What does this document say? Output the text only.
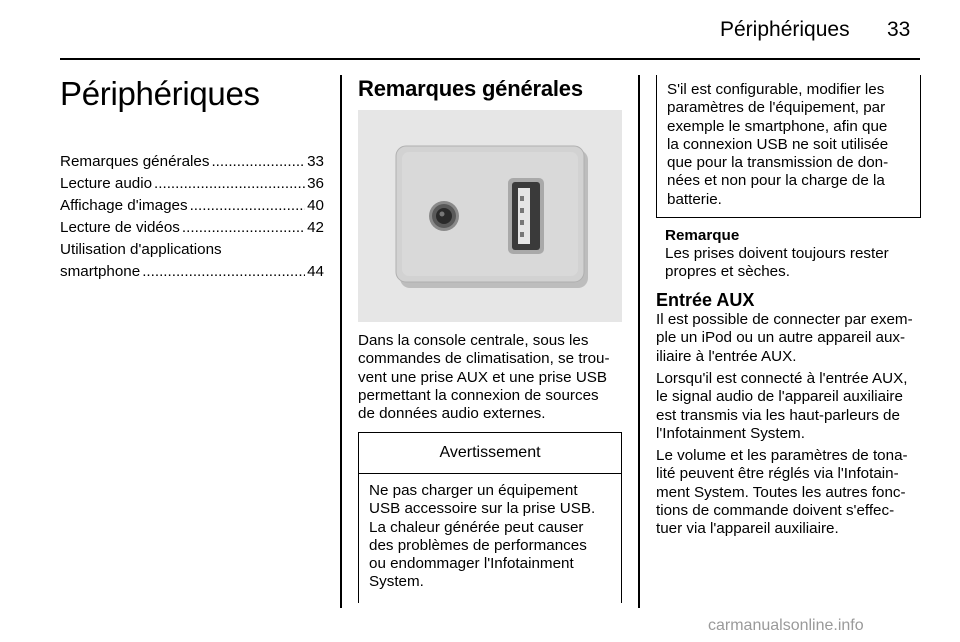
Périphériques 33
Périphériques
Remarques générales .....	33
Lecture audio .....	36
Affichage d'images .....	40
Lecture de vidéos .....	42
Utilisation d'applications
smartphone .....	44
Remarques générales
Dans la console centrale, sous les
commandes de climatisation, se trou-
vent une prise AUX et une prise USB
permettant la connexion de sources
de données audio externes.
Avertissement
Ne pas charger un équipement
USB accessoire sur la prise USB.
La chaleur générée peut causer
des problèmes de performances
ou endommager l'Infotainment
System.
S'il est configurable, modifier les
paramètres de l'équipement, par
exemple le smartphone, afin que
la connexion USB ne soit utilisée
que pour la transmission de don-
nées et non pour la charge de la
batterie.
Remarque
Les prises doivent toujours rester
propres et sèches.
Entrée AUX
Il est possible de connecter par exem-
ple un iPod ou un autre appareil aux-
iliaire à l'entrée AUX.
Lorsqu'il est connecté à l'entrée AUX,
le signal audio de l'appareil auxiliaire
est transmis via les haut-parleurs de
l'Infotainment System.
Le volume et les paramètres de tona-
lité peuvent être réglés via l'Infotain-
ment System. Toutes les autres fonc-
tions de commande doivent s'effec-
tuer via l'appareil auxiliaire.
carmanualsonline.info
